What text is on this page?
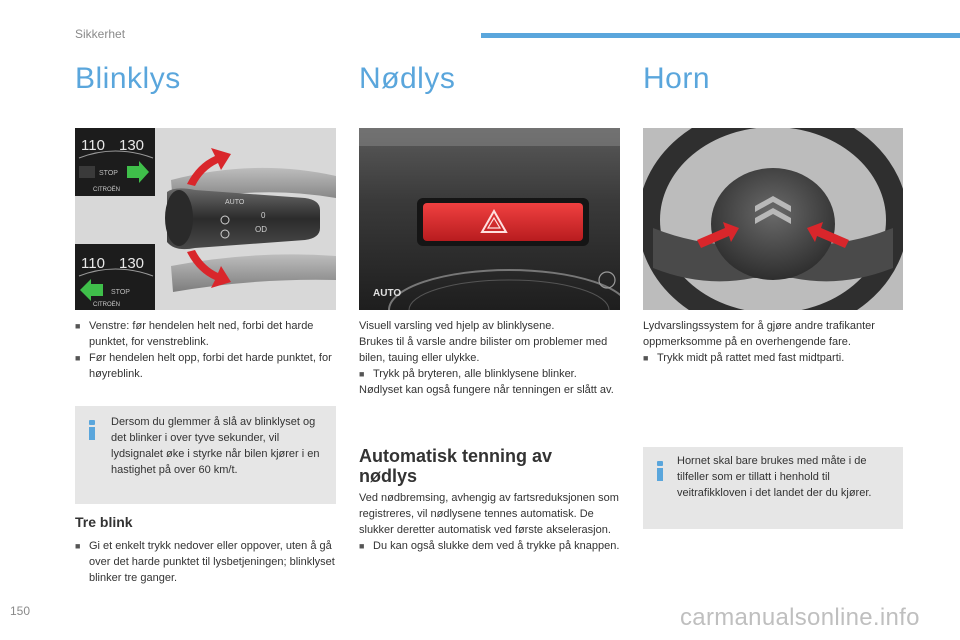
Sikkerhet
Blinklys
110 130
STOP
CITROËN
110 130
STOP
CITROËN
AUTO
0
OD
■ Venstre: før hendelen helt ned, forbi det harde punktet, for venstreblink.
■ Før hendelen helt opp, forbi det harde punktet, for høyreblink.
Dersom du glemmer å slå av blinklyset og det blinker i over tyve sekunder, vil lydsignalet øke i styrke når bilen kjører i en hastighet på over 60 km/t.
Tre blink
■ Gi et enkelt trykk nedover eller oppover, uten å gå over det harde punktet til lysbetjeningen; blinklyset blinker tre ganger.
Nødlys
AUTO

Visuell varsling ved hjelp av blinklysene.

Brukes til å varsle andre bilister om problemer med bilen, tauing eller ulykke.

■ Trykk på bryteren, alle blinklysene blinker.

Nødlyset kan også fungere når tenningen er slått av.

Automatisk tenning av nødlys

Ved nødbremsing, avhengig av fartsreduksjonen som registreres, vil nødlysene tennes automatisk. De slukker deretter automatisk ved første akselerasjon.

■ Du kan også slukke dem ved å trykke på knappen.
Horn

Lydvarslingssystem for å gjøre andre trafikanter oppmerksomme på en overhengende fare.

■ Trykk midt på rattet med fast midtparti.
Hornet skal bare brukes med måte i de tilfeller som er tillatt i henhold til veitrafikkloven i det landet der du kjører.
150	carmanualsonline.info
